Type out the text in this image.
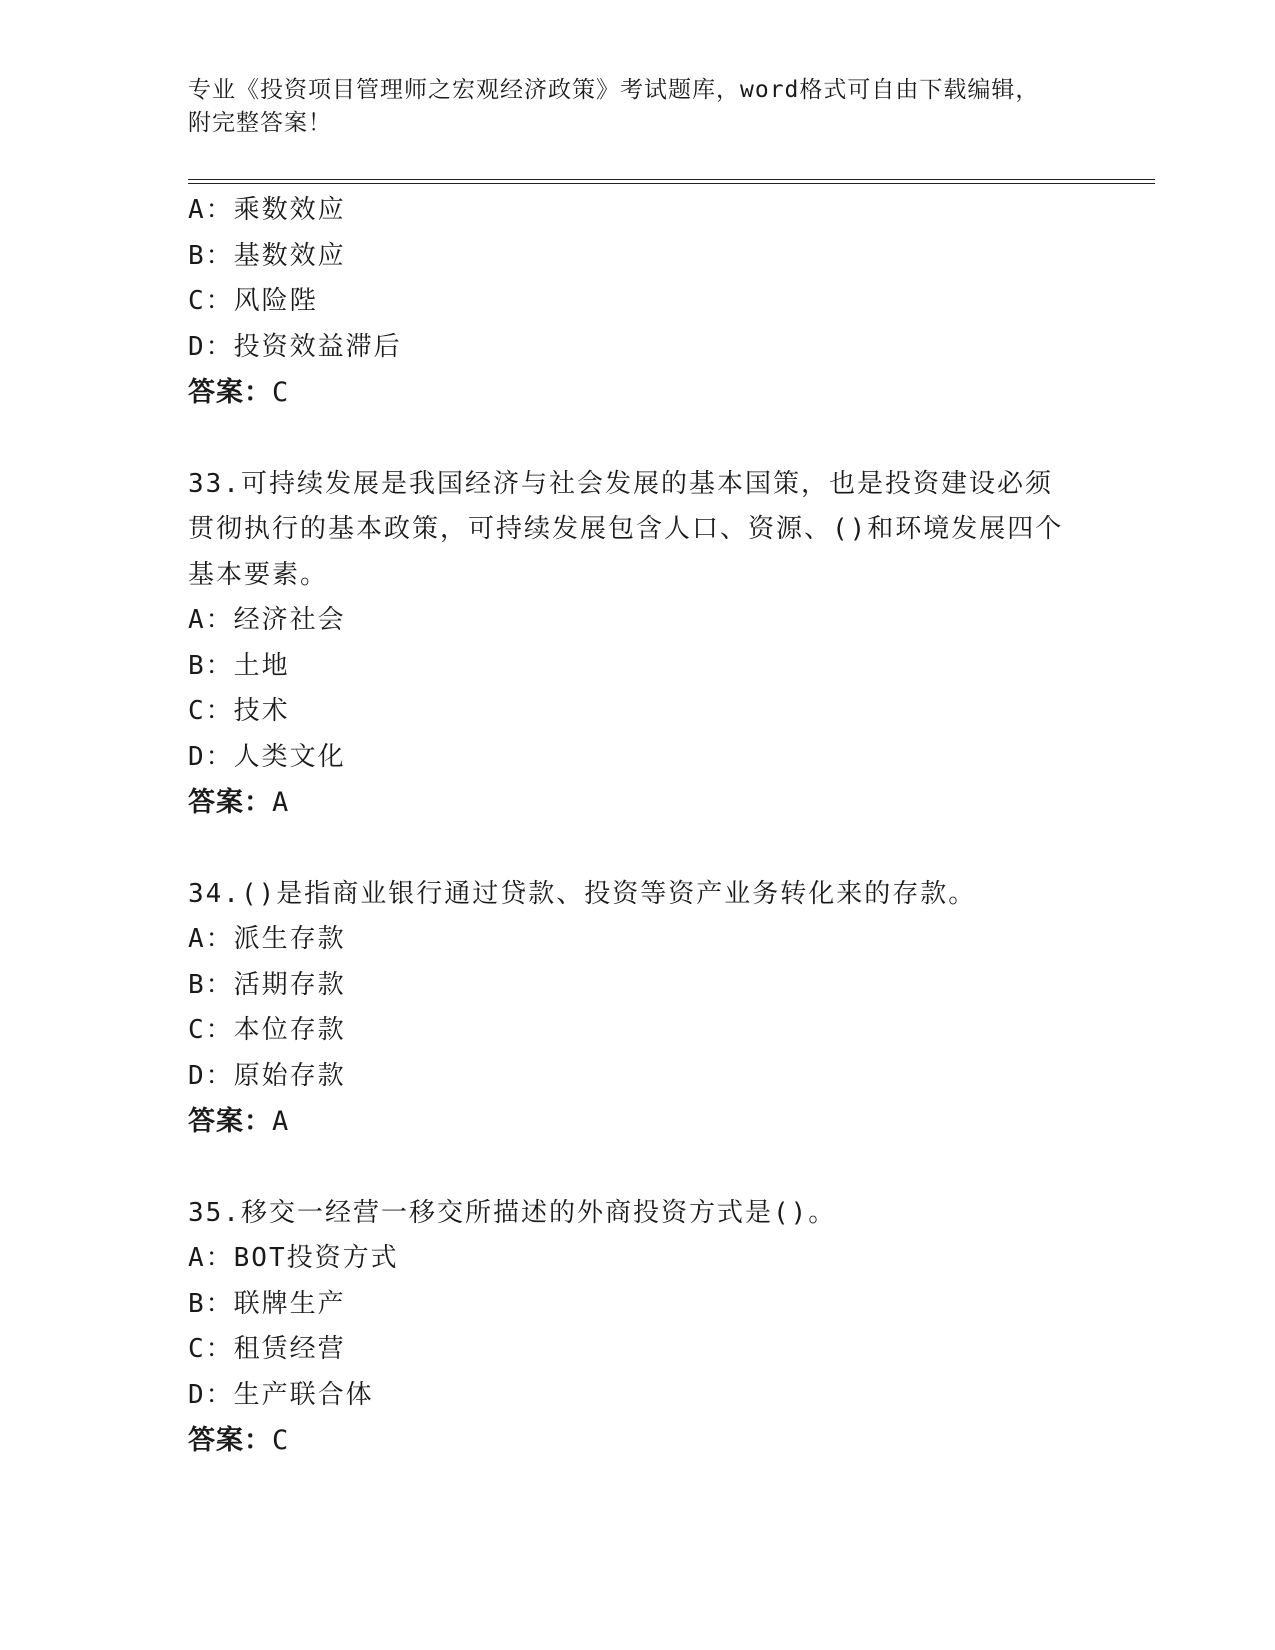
专业《投资项目管理师之宏观经济政策》考试题库，word格式可自由下载编辑，
附完整答案！
A：乘数效应
B：基数效应
C：风险陛
D：投资效益滞后
答案：C
33.可持续发展是我国经济与社会发展的基本国策，也是投资建设必须贯彻执行的基本政策，可持续发展包含人口、资源、()和环境发展四个基本要素。
A：经济社会
B：土地
C：技术
D：人类文化
答案：A
34.()是指商业银行通过贷款、投资等资产业务转化来的存款。
A：派生存款
B：活期存款
C：本位存款
D：原始存款
答案：A
35.移交一经营一移交所描述的外商投资方式是()。
A：BOT投资方式
B：联牌生产
C：租赁经营
D：生产联合体
答案：C
